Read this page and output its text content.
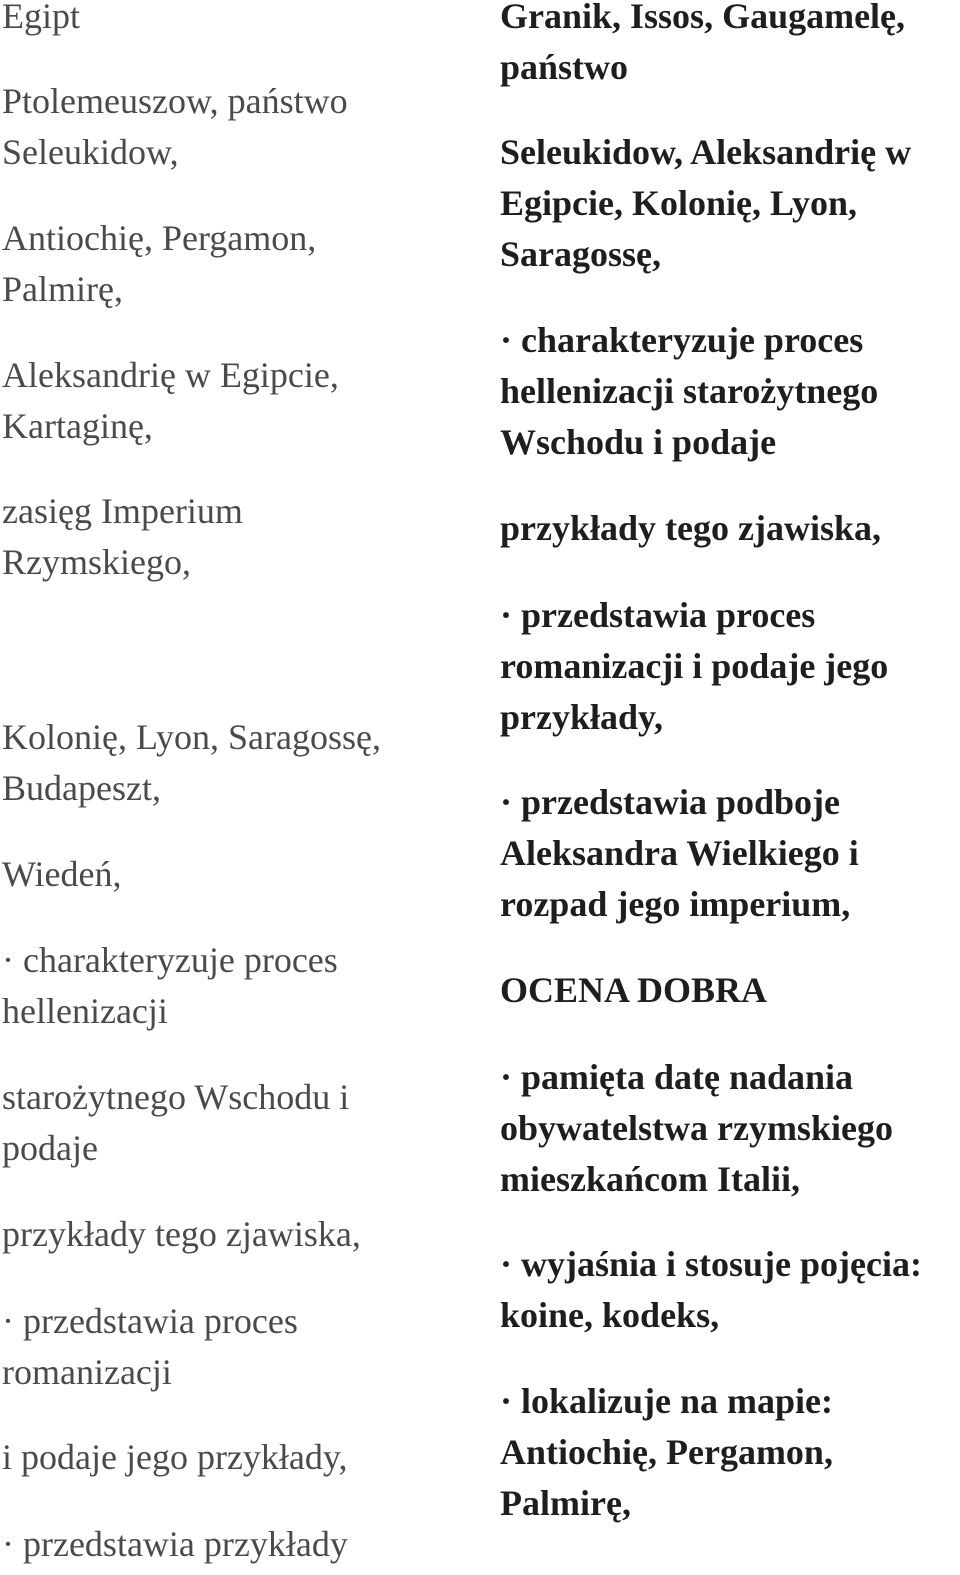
Egipt

Ptolemeuszow, państwo
Seleukidow,

Antiochię, Pergamon,
Palmirę,

Aleksandrię w Egipcie,
Kartaginę,

zasięg Imperium
Rzymskiego,

Kolonię, Lyon, Saragossę,
Budapeszt,

Wiedeń,

· charakteryzuje proces
hellenizacji

starożytnego Wschodu i
podaje

przykłady tego zjawiska,

· przedstawia proces
romanizacji

i podaje jego przykłady,

· przedstawia przykłady

Granik, Issos, Gaugamelę,
państwo

Seleukidow, Aleksandrię w
Egipcie, Kolonię, Lyon,
Saragossę,

· charakteryzuje proces
hellenizacji starożytnego
Wschodu i podaje

przykłady tego zjawiska,

· przedstawia proces
romanizacji i podaje jego
przykłady,

· przedstawia podboje
Aleksandra Wielkiego i
rozpad jego imperium,

OCENA DOBRA

· pamięta datę nadania
obywatelstwa rzymskiego
mieszkańcom Italii,

· wyjaśnia i stosuje pojęcia:
koine, kodeks,

· lokalizuje na mapie:
Antiochię, Pergamon,
Palmirę,
